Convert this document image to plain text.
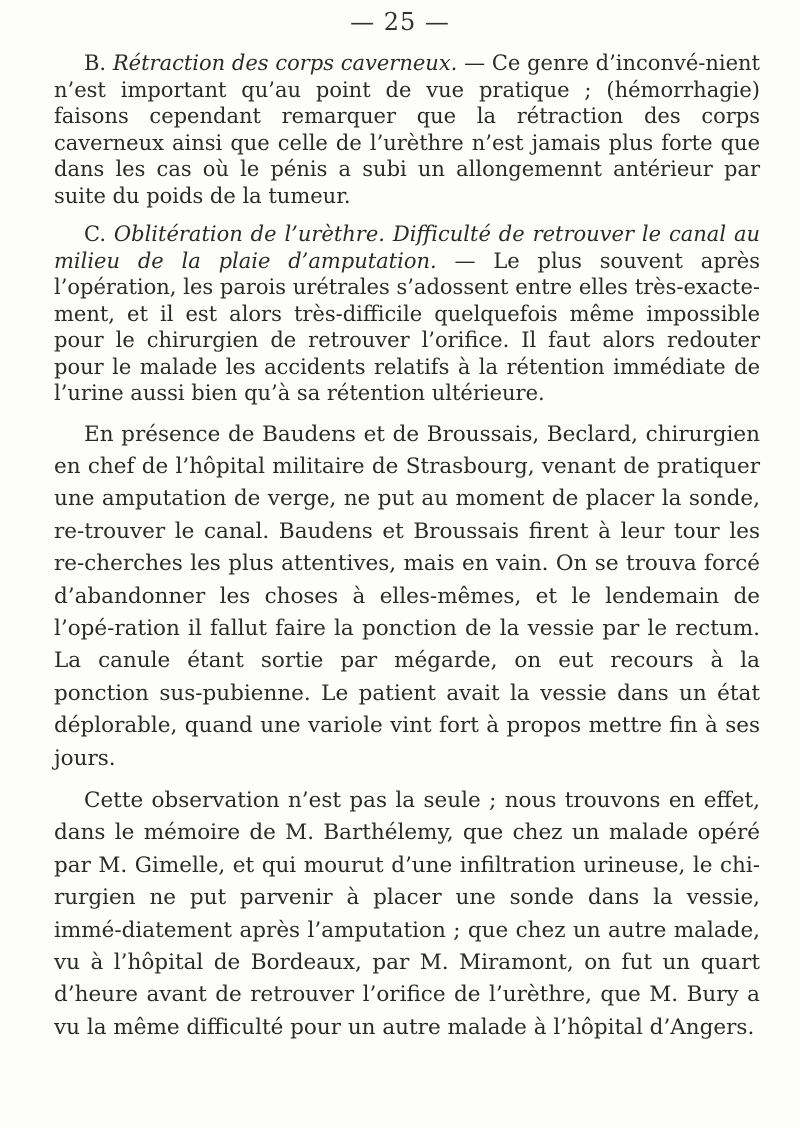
— 25 —

B. Rétraction des corps caverneux. — Ce genre d’inconvé-nient n’est important qu’au point de vue pratique ; (hémorrhagie) faisons cependant remarquer que la rétraction des corps caverneux ainsi que celle de l’urèthre n’est jamais plus forte que dans les cas où le pénis a subi un allongemennt antérieur par suite du poids de la tumeur.

C. Oblitération de l’urèthre. Difficulté de retrouver le canal au milieu de la plaie d’amputation. — Le plus souvent après l’opération, les parois urétrales s’adossent entre elles très-exacte-ment, et il est alors très-difficile quelquefois même impossible pour le chirurgien de retrouver l’orifice. Il faut alors redouter pour le malade les accidents relatifs à la rétention immédiate de l’urine aussi bien qu’à sa rétention ultérieure.

En présence de Baudens et de Broussais, Beclard, chirurgien en chef de l’hôpital militaire de Strasbourg, venant de pratiquer une amputation de verge, ne put au moment de placer la sonde, re-trouver le canal. Baudens et Broussais firent à leur tour les re-cherches les plus attentives, mais en vain. On se trouva forcé d’abandonner les choses à elles-mêmes, et le lendemain de l’opé-ration il fallut faire la ponction de la vessie par le rectum. La canule étant sortie par mégarde, on eut recours à la ponction sus-pubienne. Le patient avait la vessie dans un état déplorable, quand une variole vint fort à propos mettre fin à ses jours.

Cette observation n’est pas la seule ; nous trouvons en effet, dans le mémoire de M. Barthélemy, que chez un malade opéré par M. Gimelle, et qui mourut d’une infiltration urineuse, le chi-rurgien ne put parvenir à placer une sonde dans la vessie, immé-diatement après l’amputation ; que chez un autre malade, vu à l’hôpital de Bordeaux, par M. Miramont, on fut un quart d’heure avant de retrouver l’orifice de l’urèthre, que M. Bury a vu la même difficulté pour un autre malade à l’hôpital d’Angers.
